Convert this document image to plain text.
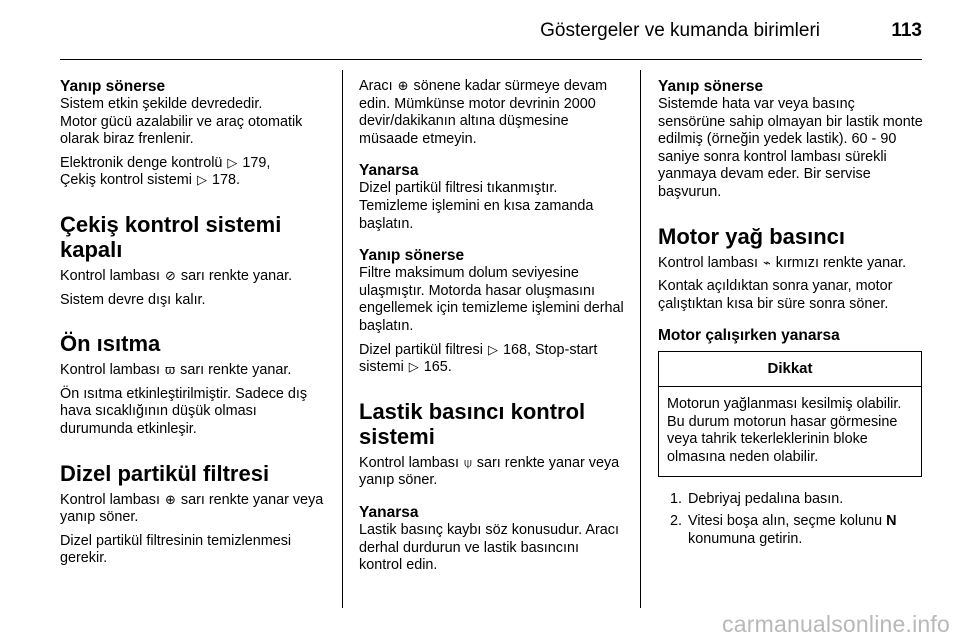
Göstergeler ve kumanda birimleri	113

Yanıp sönerse

Sistem etkin şekilde devrededir.

Motor gücü azalabilir ve araç otomatik olarak biraz frenlenir.

Elektronik denge kontrolü ▷ 179,
Çekiş kontrol sistemi ▷ 178.

Çekiş kontrol sistemi kapalı

Kontrol lambası ⊘ sarı renkte yanar.

Sistem devre dışı kalır.

Ön ısıtma

Kontrol lambası ϖ sarı renkte yanar.

Ön ısıtma etkinleştirilmiştir. Sadece dış hava sıcaklığının düşük olması durumunda etkinleşir.

Dizel partikül filtresi

Kontrol lambası ⊕ sarı renkte yanar veya yanıp söner.

Dizel partikül filtresinin temizlenmesi gerekir.

Aracı ⊕ sönene kadar sürmeye devam edin. Mümkünse motor devrinin 2000 devir/dakikanın altına düşmesine müsaade etmeyin.

Yanarsa

Dizel partikül filtresi tıkanmıştır. Temizleme işlemini en kısa zamanda başlatın.

Yanıp sönerse

Filtre maksimum dolum seviyesine ulaşmıştır. Motorda hasar oluşmasını engellemek için temizleme işlemini derhal başlatın.

Dizel partikül filtresi ▷ 168, Stop-start sistemi ▷ 165.

Lastik basıncı kontrol sistemi

Kontrol lambası ⍦ sarı renkte yanar veya yanıp söner.

Yanarsa

Lastik basınç kaybı söz konusudur. Aracı derhal durdurun ve lastik basıncını kontrol edin.

Yanıp sönerse

Sistemde hata var veya basınç sensörüne sahip olmayan bir lastik monte edilmiş (örneğin yedek lastik). 60 - 90 saniye sonra kontrol lambası sürekli yanmaya devam eder. Bir servise başvurun.

Motor yağ basıncı

Kontrol lambası ⌁ kırmızı renkte yanar.

Kontak açıldıktan sonra yanar, motor çalıştıktan kısa bir süre sonra söner.

Motor çalışırken yanarsa

Dikkat
Motorun yağlanması kesilmiş olabilir. Bu durum motorun hasar görmesine veya tahrik tekerleklerinin bloke olmasına neden olabilir.
1. Debriyaj pedalına basın.
2. Vitesi boşa alın, seçme kolunu N konumuna getirin.
carmanualsonline.info
